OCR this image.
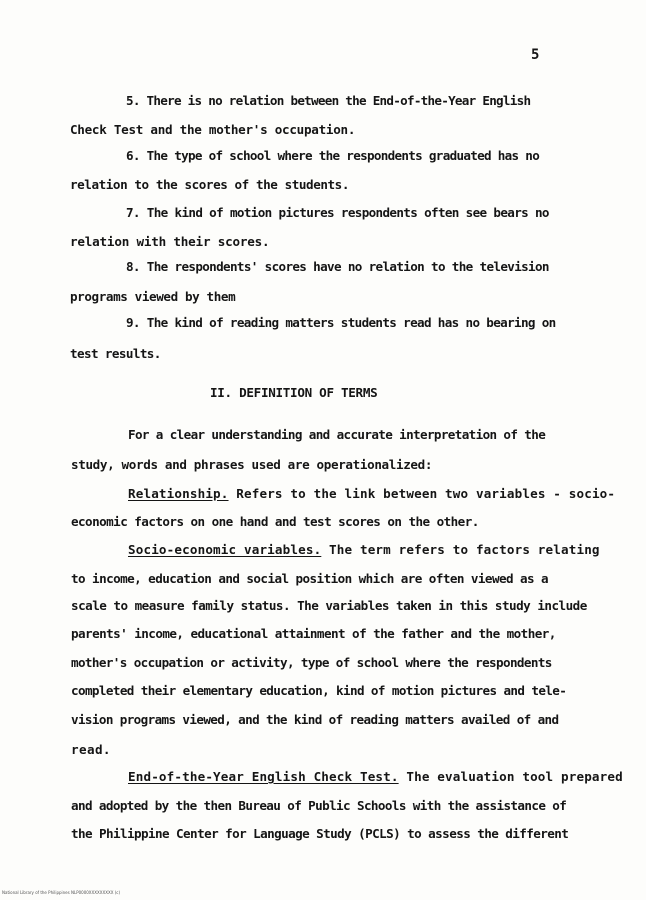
5
5. There is no relation between the End-of-the-Year English
Check Test and the mother's occupation.
6. The type of school where the respondents graduated has no
relation to the scores of the students.
7. The kind of motion pictures respondents often see bears no
relation with their scores.
8. The respondents' scores have no relation to the television
programs viewed by them
9. The kind of reading matters students read has no bearing on
test results.
II. DEFINITION OF TERMS
For a clear understanding and accurate interpretation of the
study, words and phrases used are operationalized:
Relationship. Refers to the link between two variables - socio-
economic factors on one hand and test scores on the other.
Socio-economic variables. The term refers to factors relating
to income, education and social position which are often viewed as a
scale to measure family status. The variables taken in this study include
parents' income, educational attainment of the father and the mother,
mother's occupation or activity, type of school where the respondents
completed their elementary education, kind of motion pictures and tele-
vision programs viewed, and the kind of reading matters availed of and
read.
End-of-the-Year English Check Test. The evaluation tool prepared
and adopted by the then Bureau of Public Schools with the assistance of
the Philippine Center for Language Study (PCLS) to assess the different
National Library of the Philippines NLP0000XXXXXXXXX (c)
